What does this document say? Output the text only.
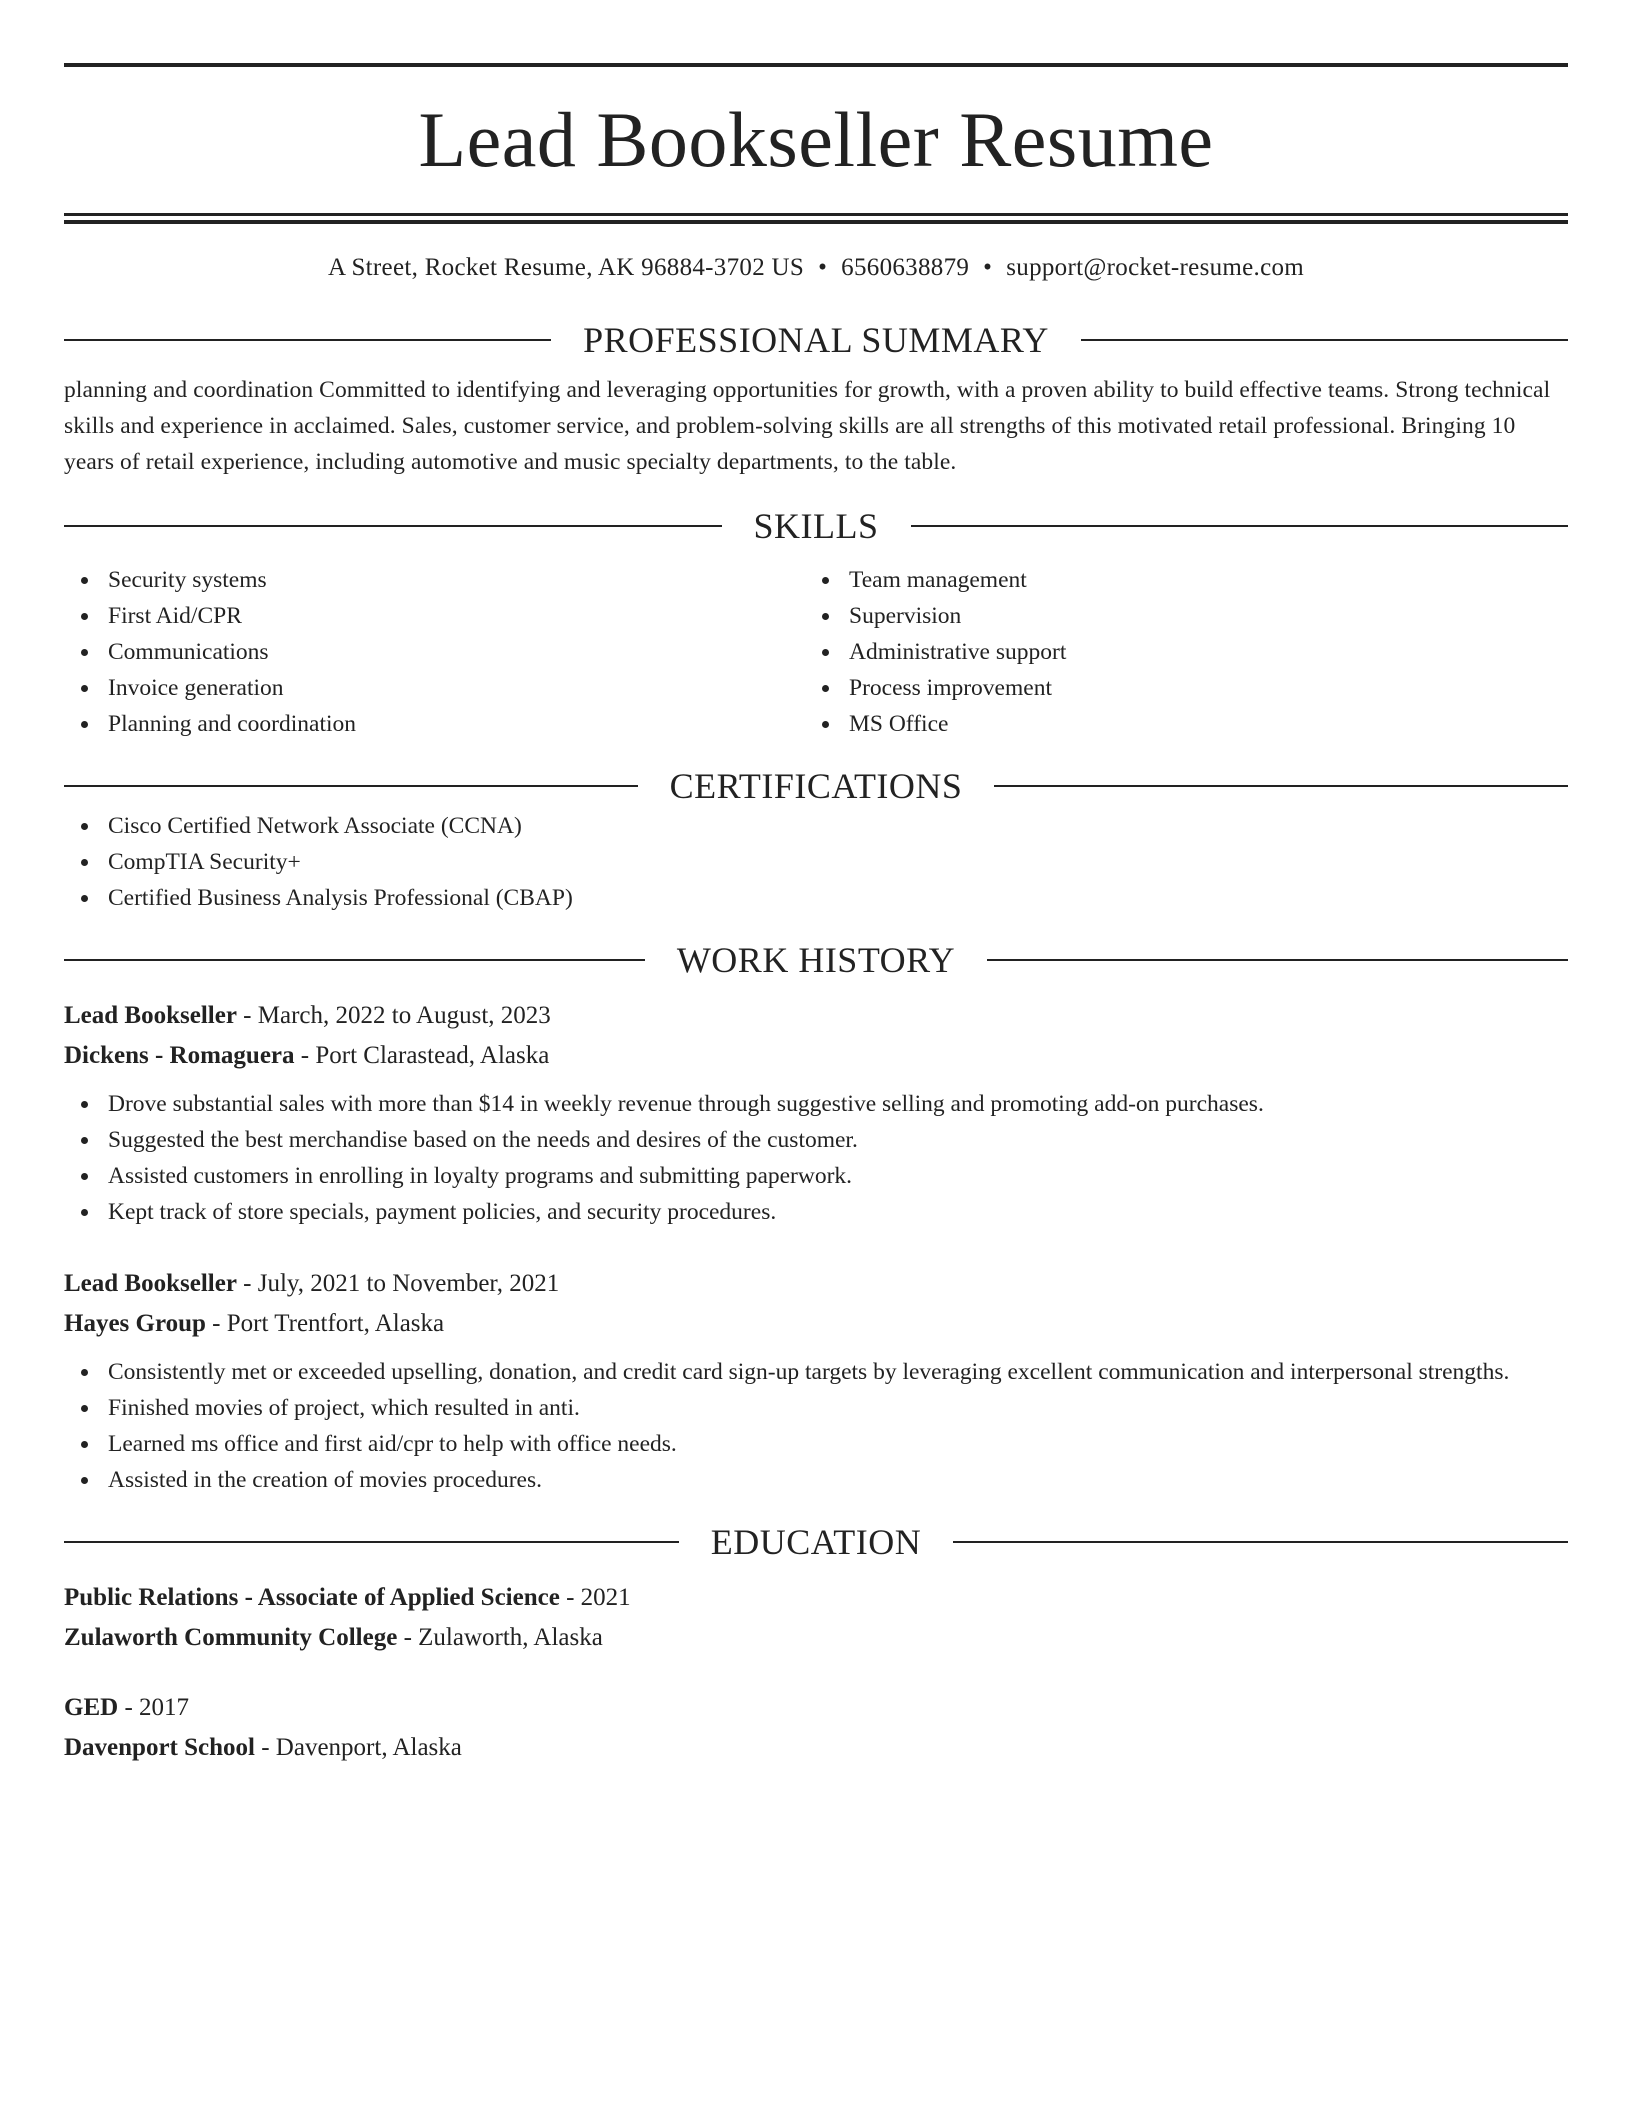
Lead Bookseller Resume
A Street, Rocket Resume, AK 96884-3702 US • 6560638879 • support@rocket-resume.com
PROFESSIONAL SUMMARY

planning and coordination Committed to identifying and leveraging opportunities for growth, with a proven ability to build effective teams. Strong technical skills and experience in acclaimed. Sales, customer service, and problem-solving skills are all strengths of this motivated retail professional. Bringing 10 years of retail experience, including automotive and music specialty departments, to the table.

SKILLS
Security systems
First Aid/CPR
Communications
Invoice generation
Planning and coordination
Team management
Supervision
Administrative support
Process improvement
MS Office
CERTIFICATIONS
Cisco Certified Network Associate (CCNA)
CompTIA Security+
Certified Business Analysis Professional (CBAP)
WORK HISTORY
Lead Bookseller - March, 2022 to August, 2023
Dickens - Romaguera - Port Clarastead, Alaska
Drove substantial sales with more than $14 in weekly revenue through suggestive selling and promoting add-on purchases.
Suggested the best merchandise based on the needs and desires of the customer.
Assisted customers in enrolling in loyalty programs and submitting paperwork.
Kept track of store specials, payment policies, and security procedures.
Lead Bookseller - July, 2021 to November, 2021
Hayes Group - Port Trentfort, Alaska
Consistently met or exceeded upselling, donation, and credit card sign-up targets by leveraging excellent communication and interpersonal strengths.
Finished movies of project, which resulted in anti.
Learned ms office and first aid/cpr to help with office needs.
Assisted in the creation of movies procedures.
EDUCATION
Public Relations - Associate of Applied Science - 2021
Zulaworth Community College - Zulaworth, Alaska
GED - 2017
Davenport School - Davenport, Alaska
